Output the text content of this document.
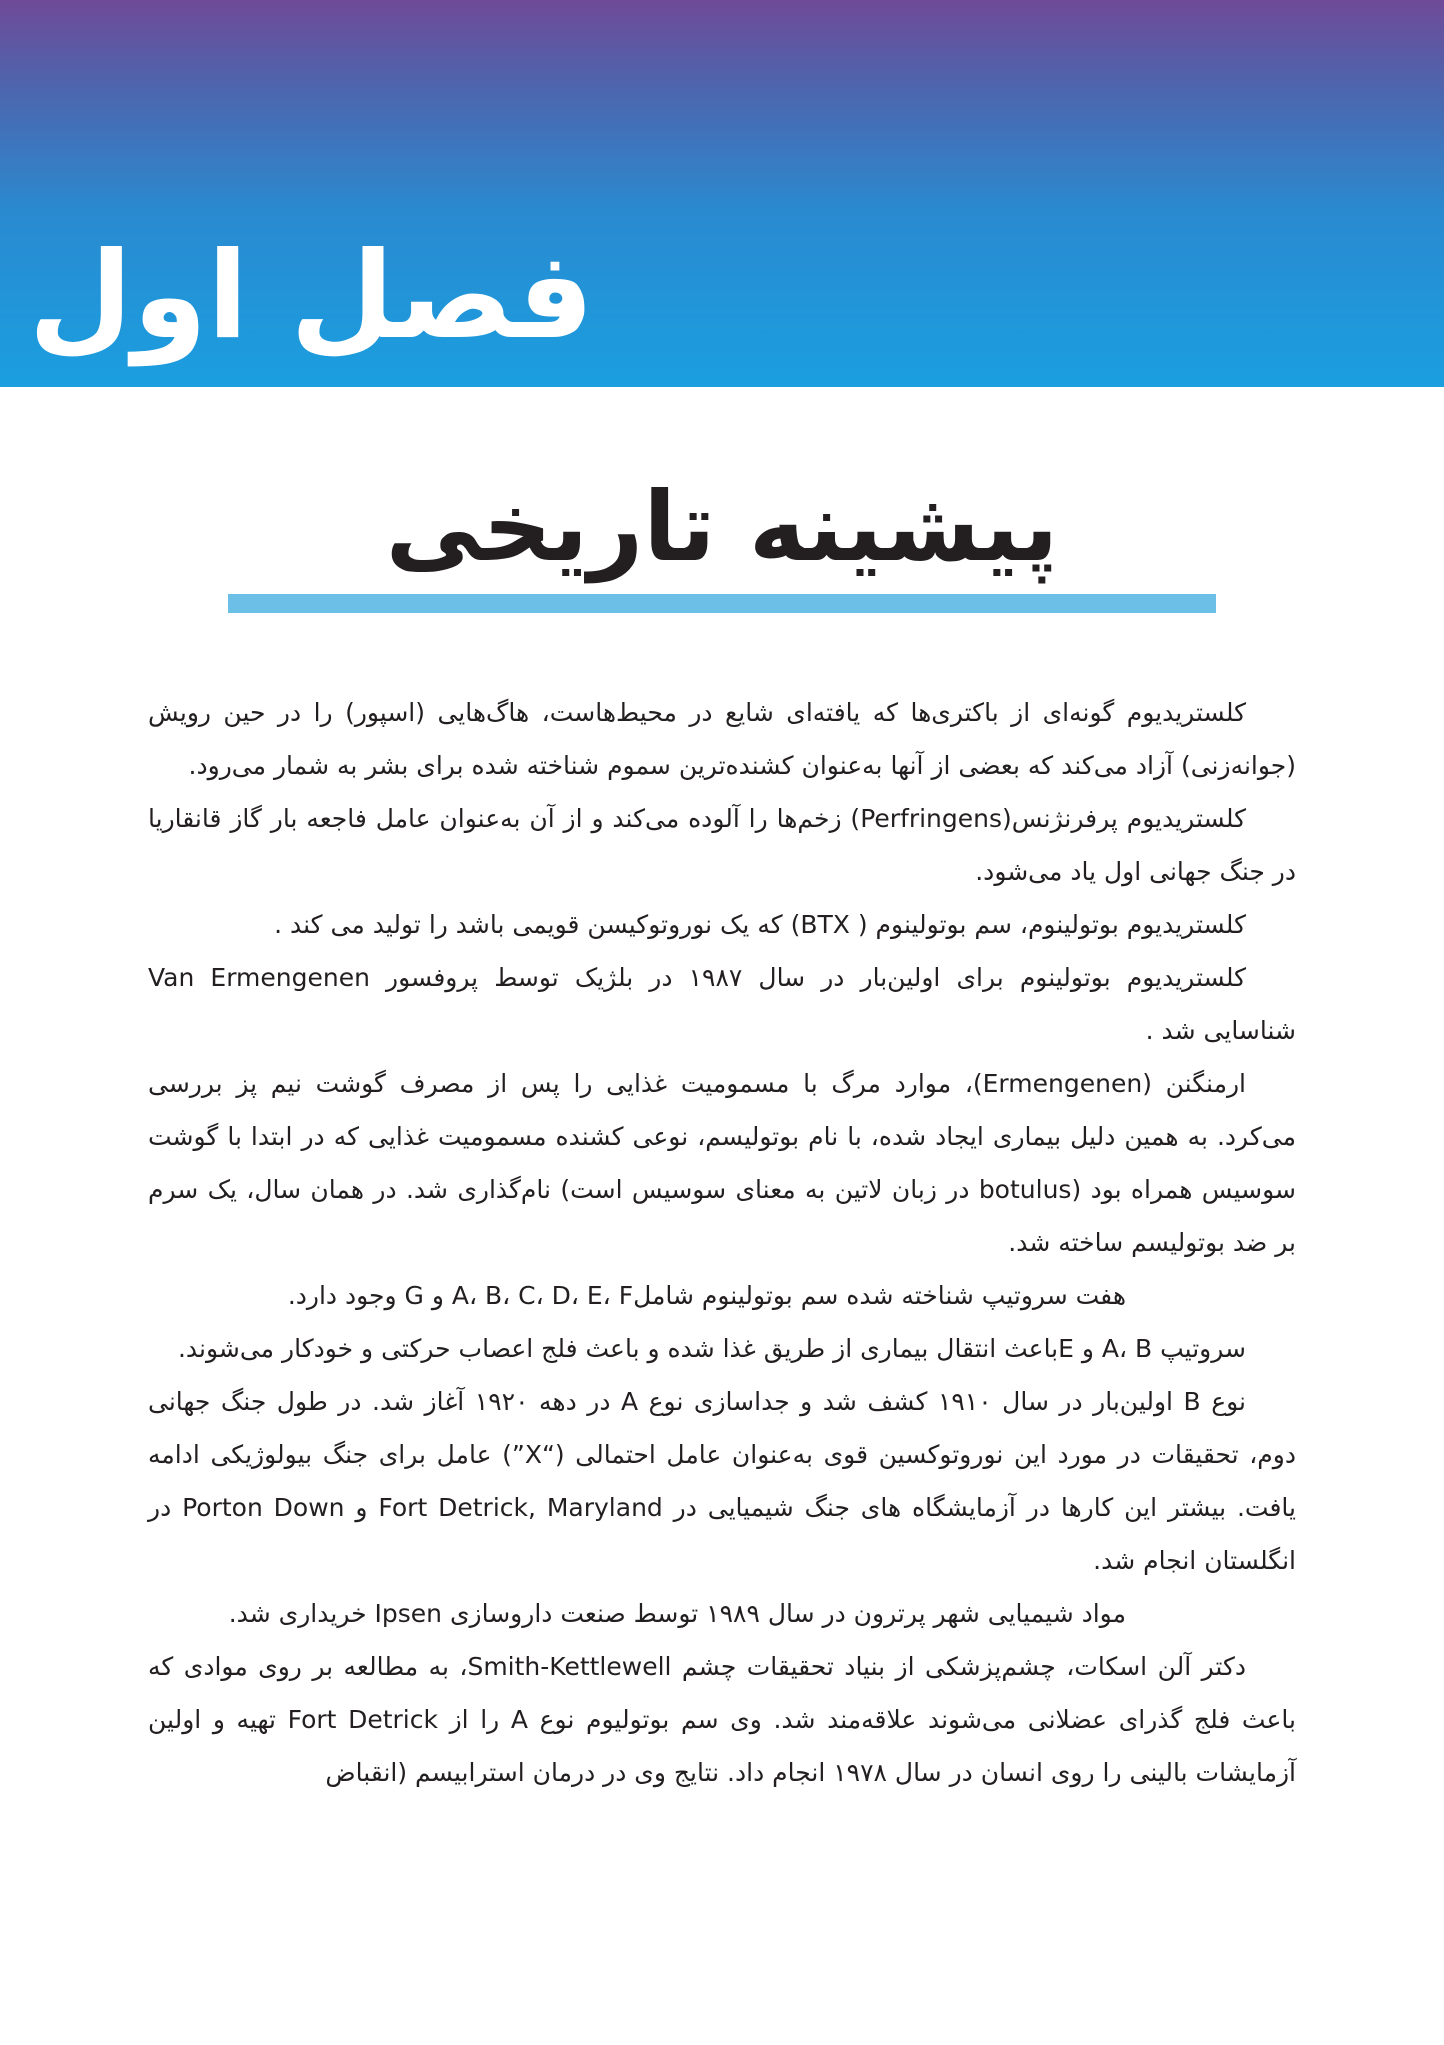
فصل اول
پیشینه تاریخی

کلستریدیوم گونه‌ای از باکتری‌ها که یافته‌ای شایع در محیط‌هاست، هاگ‌هایی (اسپور) را در حین رویش (جوانه‌زنی) آزاد می‌کند که بعضی از آنها به‌عنوان کشنده‌ترین سموم شناخته شده برای بشر به شمار می‌رود.

کلستریدیوم پرفرنژنس(Perfringens) زخم‌ها را آلوده می‌کند و از آن به‌عنوان عامل فاجعه بار گاز قانقاریا در جنگ جهانی اول یاد می‌شود.

کلستریدیوم بوتولینوم، سم بوتولینوم ( BTX) که یک نوروتوکیسن قویمی باشد را تولید می کند .

کلستریدیوم بوتولینوم برای اولین‌بار در سال ۱۹۸۷ در بلژیک توسط پروفسور Van Ermengenen شناسایی شد .

ارمنگنن (Ermengenen)، موارد مرگ با مسمومیت غذایی را پس از مصرف گوشت نیم پز بررسی می‌کرد. به همین دلیل بیماری ایجاد شده، با نام بوتولیسم، نوعی کشنده مسمومیت غذایی که در ابتدا با گوشت سوسیس همراه بود (botulus در زبان لاتین به معنای سوسیس است) نام‌گذاری شد. در همان سال، یک سرم بر ضد بوتولیسم ساخته شد.

هفت سروتیپ شناخته شده سم بوتولینوم شاملA، B، C، D، E، F و G وجود دارد.

سروتیپ A، B و Eباعث انتقال بیماری از طریق غذا شده و باعث فلج اعصاب حرکتی و خودکار می‌شوند.

نوع B اولین‌بار در سال ۱۹۱۰ کشف شد و جداسازی نوع A در دهه ۱۹۲۰ آغاز شد. در طول جنگ جهانی دوم، تحقیقات در مورد این نوروتوکسین قوی به‌عنوان عامل احتمالی (“X”) عامل برای جنگ بیولوژیکی ادامه یافت. بیشتر این کارها در آزمایشگاه های جنگ شیمیایی در Fort Detrick, Maryland و Porton Down در انگلستان انجام شد.

مواد شیمیایی شهر پرترون در سال ۱۹۸۹ توسط صنعت داروسازی Ipsen خریداری شد.

دکتر آلن اسکات، چشم‌پزشکی از بنیاد تحقیقات چشم Smith-Kettlewell، به مطالعه بر روی موادی که باعث فلج گذرای عضلانی می‌شوند علاقه‌مند شد. وی سم بوتولیوم نوع A را از Fort Detrick تهیه و اولین آزمایشات بالینی را روی انسان در سال ۱۹۷۸ انجام داد. نتایج وی در درمان استرابیسم (انقباض
